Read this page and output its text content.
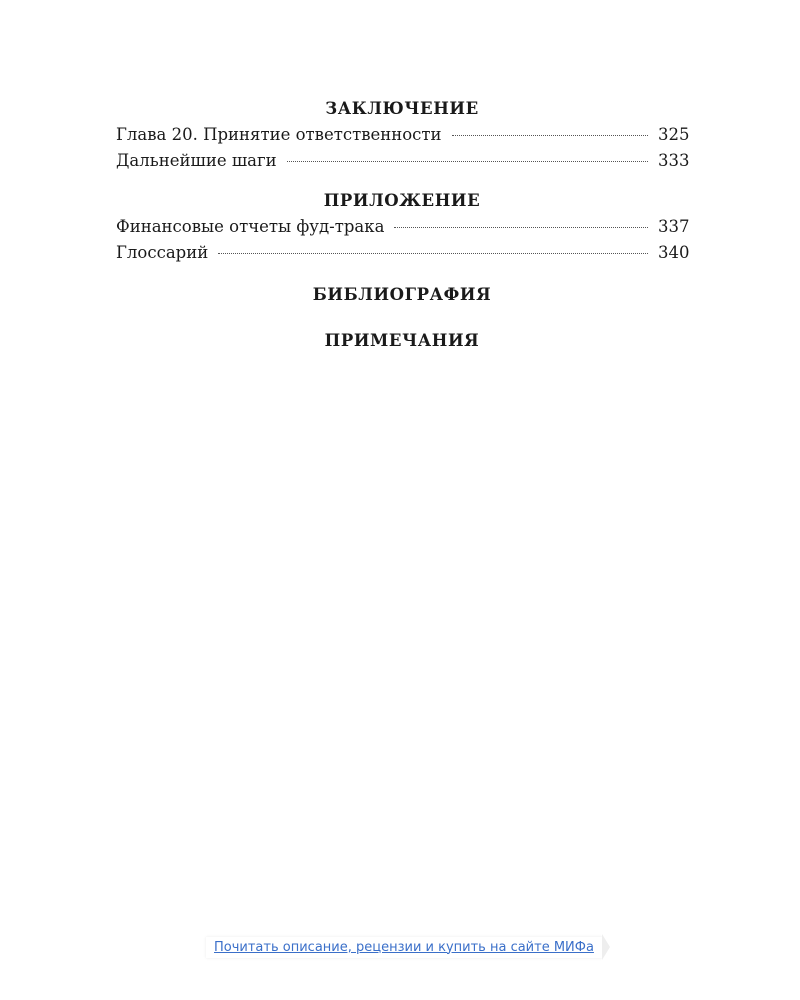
ЗАКЛЮЧЕНИЕ
Глава 20. Принятие ответственности	325
Дальнейшие шаги	333
ПРИЛОЖЕНИЕ
Финансовые отчеты фуд-трака	337
Глоссарий	340
БИБЛИОГРАФИЯ
ПРИМЕЧАНИЯ
Почитать описание, рецензии и купить на сайте МИФа
